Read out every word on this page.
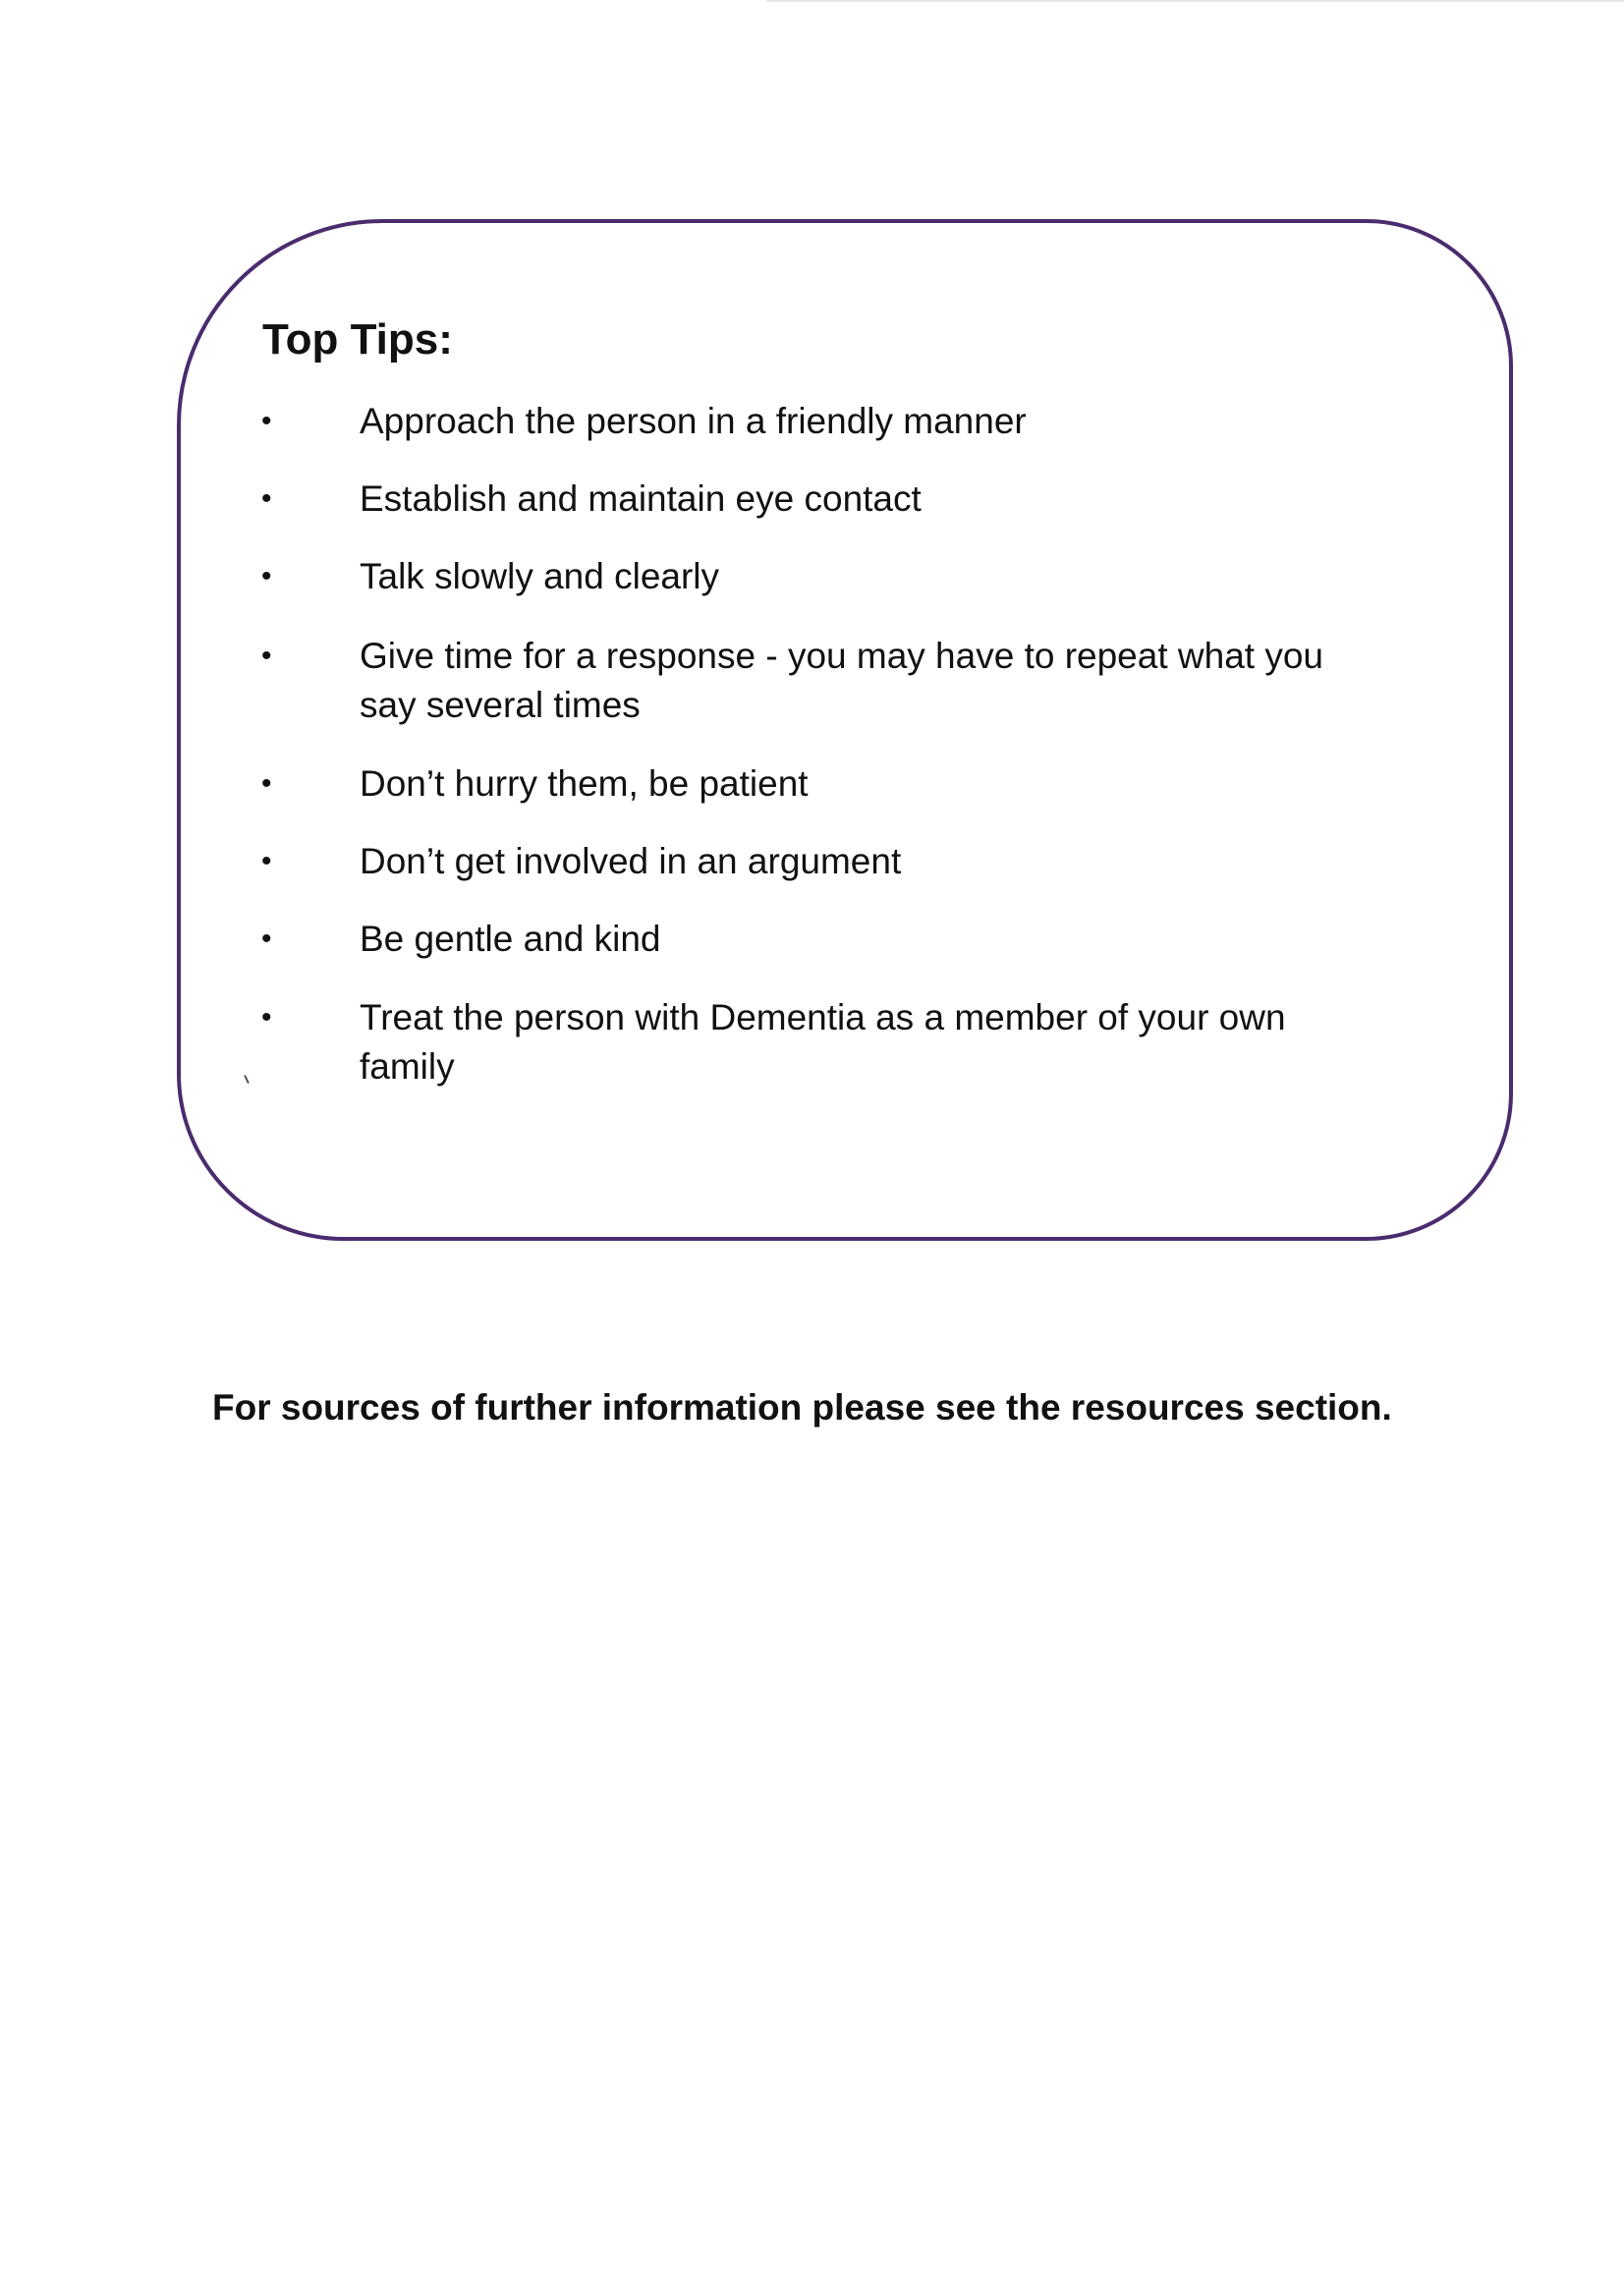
Top Tips:
• Approach the person in a friendly manner
• Establish and maintain eye contact
• Talk slowly and clearly
• Give time for a response - you may have to repeat what you say several times
• Don’t hurry them, be patient
• Don’t get involved in an argument
• Be gentle and kind
• Treat the person with Dementia as a member of your own family

For sources of further information please see the resources section.
